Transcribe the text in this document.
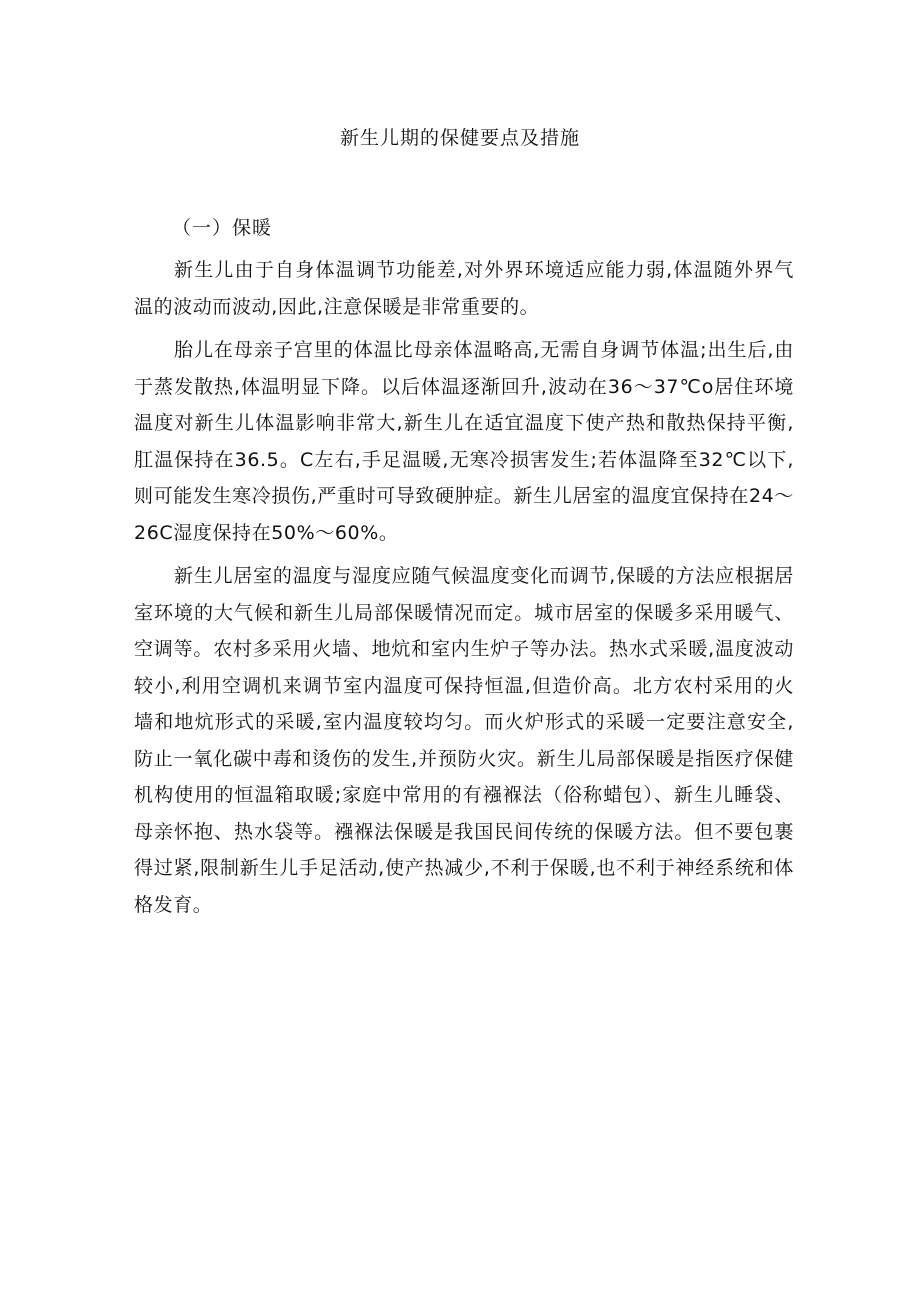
新生儿期的保健要点及措施
（一）保暖

新生儿由于自身体温调节功能差,对外界环境适应能力弱,体温随外界气温的波动而波动,因此,注意保暖是非常重要的。

胎儿在母亲子宫里的体温比母亲体温略高,无需自身调节体温;出生后,由于蒸发散热,体温明显下降。以后体温逐渐回升,波动在36～37℃o居住环境温度对新生儿体温影响非常大,新生儿在适宜温度下使产热和散热保持平衡,肛温保持在36.5。C左右,手足温暖,无寒冷损害发生;若体温降至32℃以下,则可能发生寒冷损伤,严重时可导致硬肿症。新生儿居室的温度宜保持在24～26C湿度保持在50%～60%。

新生儿居室的温度与湿度应随气候温度变化而调节,保暖的方法应根据居室环境的大气候和新生儿局部保暖情况而定。城市居室的保暖多采用暖气、空调等。农村多采用火墙、地炕和室内生炉子等办法。热水式采暖,温度波动较小,利用空调机来调节室内温度可保持恒温,但造价高。北方农村采用的火墙和地炕形式的采暖,室内温度较均匀。而火炉形式的采暖一定要注意安全,防止一氧化碳中毒和烫伤的发生,并预防火灾。新生儿局部保暖是指医疗保健机构使用的恒温箱取暖;家庭中常用的有襁褓法（俗称蜡包）、新生儿睡袋、母亲怀抱、热水袋等。襁褓法保暖是我国民间传统的保暖方法。但不要包裹得过紧,限制新生儿手足活动,使产热减少,不利于保暖,也不利于神经系统和体格发育。
